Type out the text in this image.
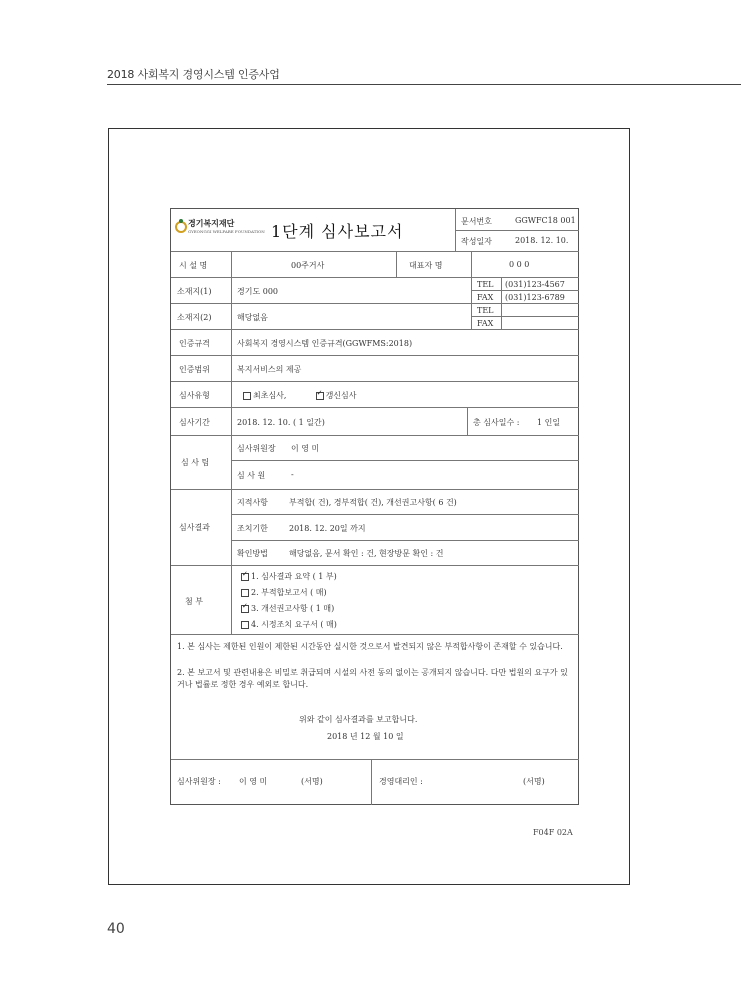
2018 사회복지 경영시스템 인증사업
경기복지재단
GYEONGGI WELFARE FOUNDATION 1단계 심사보고서
문서번호	GGWFC18 001
작성일자	2018. 12. 10.
시 설 명	00주거사	대표자 명	0 0 0
소재지(1)	경기도 000
소재지(2)	해당없음
TEL (031)123-4567
FAX (031)123-6789
TEL
FAX
인증규격	사회복지 경영시스템 인증규격(GGWFMS:2018)
인증범위	복지서비스의 제공
심사유형	최초심사,  ✓	갱신심사
심사기간	2018. 12. 10. ( 1 일간)	총 심사일수 : 1 인일
심 사 팀
심사위원장 이 영 미
심 사 원	-
심사결과
지적사항	부적합( 건), 경부적합( 건), 개선권고사항( 6 건)
조치기한	2018. 12. 20일 까지
확인방법	해당없음, 문서 확인 : 건, 현장방문 확인 : 건
첨 부
✓1. 심사결과 요약 ( 1 부)
2. 부적합보고서 ( 매)
✓3. 개선권고사항 ( 1 매)
4. 시정조치 요구서 ( 매)
1. 본 심사는 제한된 인원이 제한된 시간동안 실시한 것으로서 발견되지 않은 부적합사항이 존재할 수 있습니다.
2. 본 보고서 및 관련내용은 비밀로 취급되며 시설의 사전 동의 없이는 공개되지 않습니다. 다만 법원의 요구가 있거나 법률로 정한 경우 예외로 합니다.
위와 같이 심사결과를 보고합니다.
2018 년 12 월 10 일
심사위원장 : 이 영 미	(서명)	경영대리인 :	(서명)
F04F 02A
40
